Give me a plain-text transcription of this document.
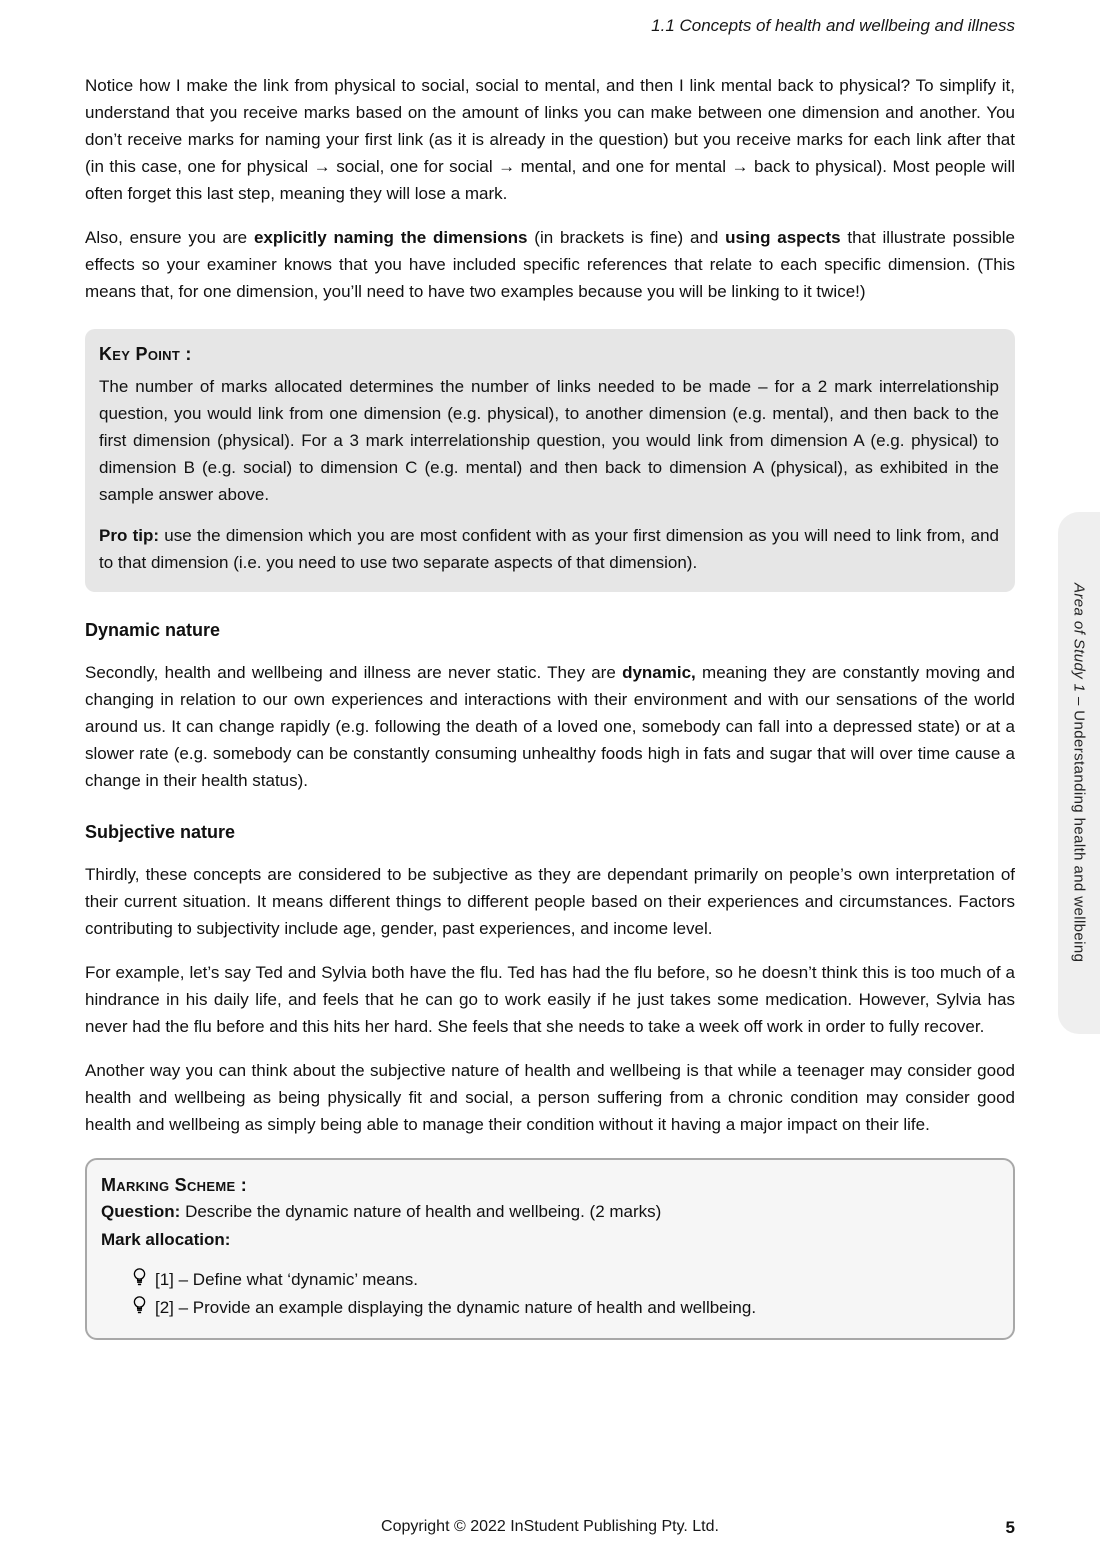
1.1 Concepts of health and wellbeing and illness

Notice how I make the link from physical to social, social to mental, and then I link mental back to physical? To simplify it, understand that you receive marks based on the amount of links you can make between one dimension and another. You don’t receive marks for naming your first link (as it is already in the question) but you receive marks for each link after that (in this case, one for physical → social, one for social → mental, and one for mental → back to physical). Most people will often forget this last step, meaning they will lose a mark.

Also, ensure you are explicitly naming the dimensions (in brackets is fine) and using aspects that illustrate possible effects so your examiner knows that you have included specific references that relate to each specific dimension. (This means that, for one dimension, you’ll need to have two examples because you will be linking to it twice!)

Key Point :

The number of marks allocated determines the number of links needed to be made – for a 2 mark interrelationship question, you would link from one dimension (e.g. physical), to another dimension (e.g. mental), and then back to the first dimension (physical). For a 3 mark interrelationship question, you would link from dimension A (e.g. physical) to dimension B (e.g. social) to dimension C (e.g. mental) and then back to dimension A (physical), as exhibited in the sample answer above.

Pro tip: use the dimension which you are most confident with as your first dimension as you will need to link from, and to that dimension (i.e. you need to use two separate aspects of that dimension).

Dynamic nature

Secondly, health and wellbeing and illness are never static. They are dynamic, meaning they are constantly moving and changing in relation to our own experiences and interactions with their environment and with our sensations of the world around us. It can change rapidly (e.g. following the death of a loved one, somebody can fall into a depressed state) or at a slower rate (e.g. somebody can be constantly consuming unhealthy foods high in fats and sugar that will over time cause a change in their health status).

Subjective nature

Thirdly, these concepts are considered to be subjective as they are dependant primarily on people’s own interpretation of their current situation. It means different things to different people based on their experiences and circumstances. Factors contributing to subjectivity include age, gender, past experiences, and income level.

For example, let’s say Ted and Sylvia both have the flu. Ted has had the flu before, so he doesn’t think this is too much of a hindrance in his daily life, and feels that he can go to work easily if he just takes some medication. However, Sylvia has never had the flu before and this hits her hard. She feels that she needs to take a week off work in order to fully recover.

Another way you can think about the subjective nature of health and wellbeing is that while a teenager may consider good health and wellbeing as being physically fit and social, a person suffering from a chronic condition may consider good health and wellbeing as simply being able to manage their condition without it having a major impact on their life.

Marking Scheme :
Question: Describe the dynamic nature of health and wellbeing. (2 marks)
Mark allocation:
[1] – Define what ‘dynamic’ means.
[2] – Provide an example displaying the dynamic nature of health and wellbeing.
Area of Study 1 – Understanding health and wellbeing
Copyright © 2022 InStudent Publishing Pty. Ltd.	5
